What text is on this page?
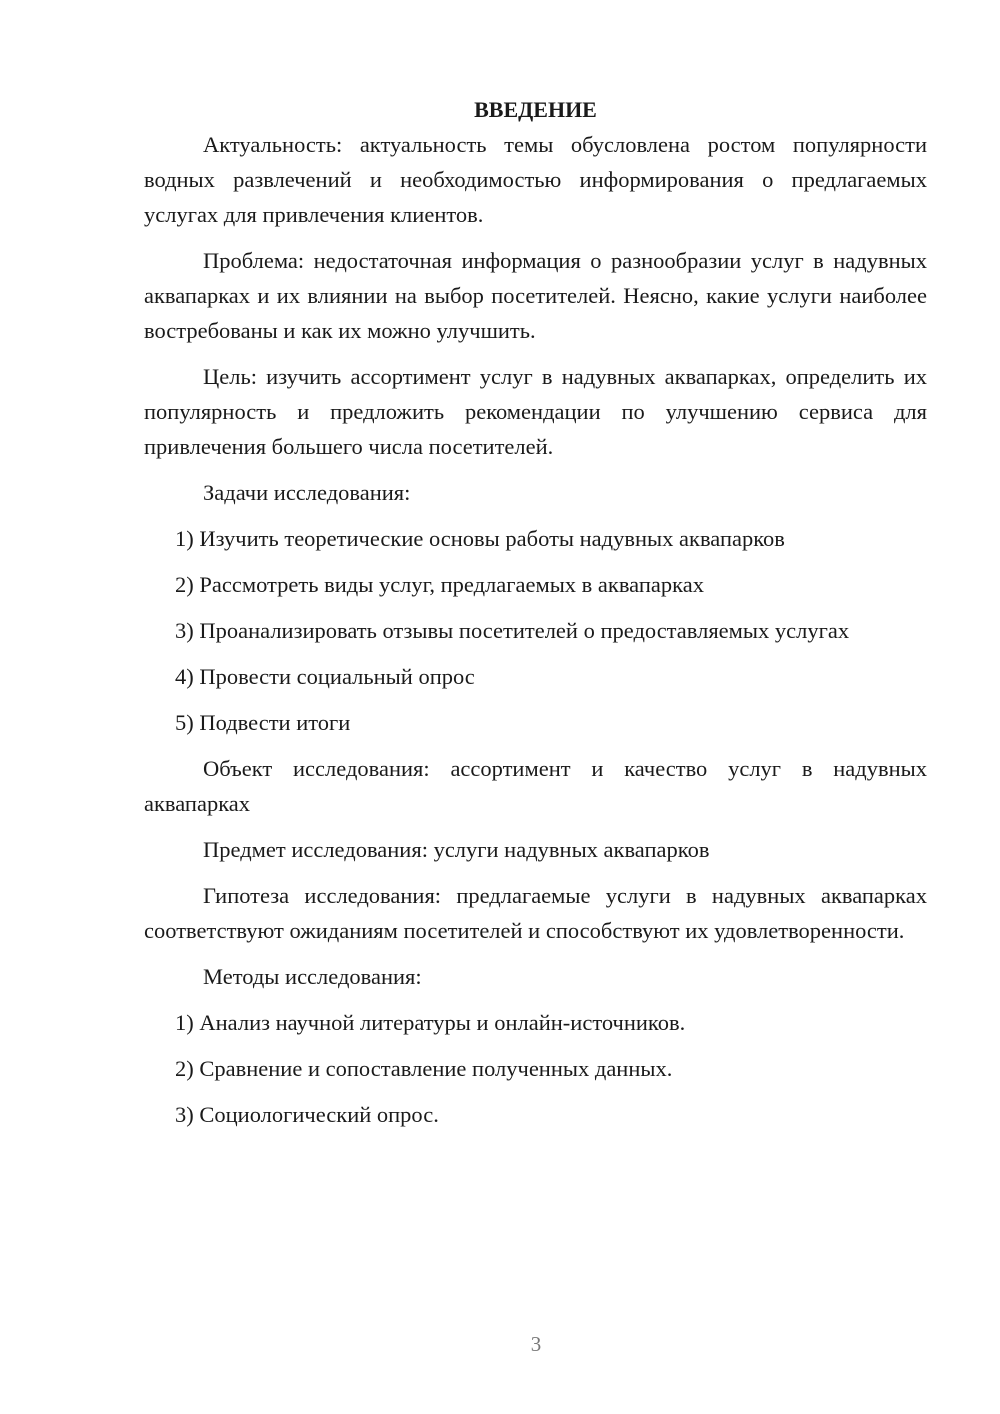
ВВЕДЕНИЕ

Актуальность: актуальность темы обусловлена ростом популярности водных развлечений и необходимостью информирования о предлагаемых услугах для привлечения клиентов.

Проблема: недостаточная информация о разнообразии услуг в надувных аквапарках и их влиянии на выбор посетителей. Неясно, какие услуги наиболее востребованы и как их можно улучшить.

Цель: изучить ассортимент услуг в надувных аквапарках, определить их популярность и предложить рекомендации по улучшению сервиса для привлечения большего числа посетителей.

Задачи исследования:

1) Изучить теоретические основы работы надувных аквапарков

2) Рассмотреть виды услуг, предлагаемых в аквапарках

3) Проанализировать отзывы посетителей о предоставляемых услугах

4) Провести социальный опрос

5) Подвести итоги

Объект исследования: ассортимент и качество услуг в надувных аквапарках

Предмет исследования: услуги надувных аквапарков

Гипотеза исследования: предлагаемые услуги в надувных аквапарках соответствуют ожиданиям посетителей и способствуют их удовлетворенности.

Методы исследования:

1) Анализ научной литературы и онлайн-источников.

2) Сравнение и сопоставление полученных данных.

3) Социологический опрос.

3
